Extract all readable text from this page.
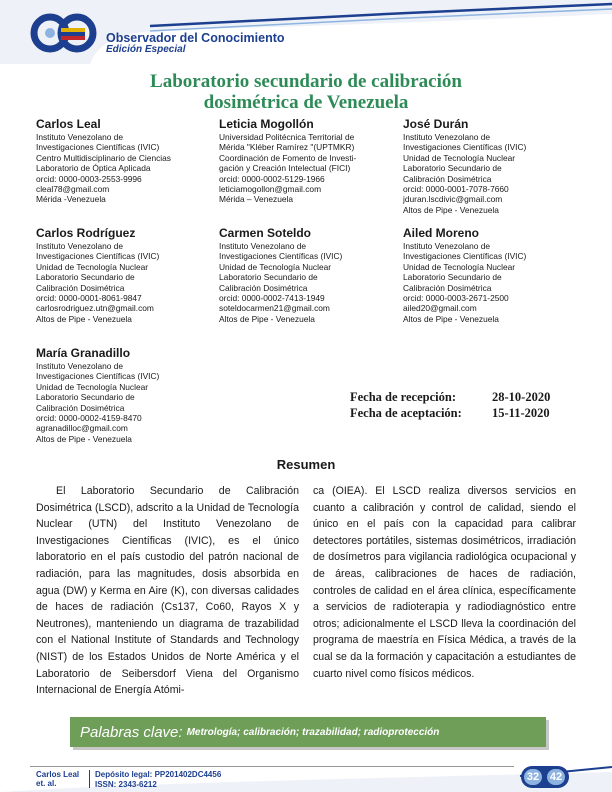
Observador del Conocimiento
Edición Especial
Laboratorio secundario de calibración
dosimétrica de Venezuela
Carlos Leal
Instituto Venezolano de
Investigaciones Científicas (IVIC)
Centro Multidisciplinario de Ciencias
Laboratorio de Óptica Aplicada
orcid: 0000-0003-2553-9996
cleal78@gmail.com
Mérida -Venezuela
Leticia Mogollón
Universidad Politécnica Territorial de
Mérida "Kléber Ramírez "(UPTMKR)
Coordinación de Fomento de Investi-
gación y Creación Intelectual (FICI)
orcid: 0000-0002-5129-1966
leticiamogollon@gmail.com
Mérida – Venezuela
José Durán
Instituto Venezolano de
Investigaciones Científicas (IVIC)
Unidad de Tecnología Nuclear
Laboratorio Secundario de
Calibración Dosimétrica
orcid: 0000-0001-7078-7660
jduran.lscdivic@gmail.com
Altos de Pipe - Venezuela
Carlos Rodríguez
Instituto Venezolano de
Investigaciones Científicas (IVIC)
Unidad de Tecnología Nuclear
Laboratorio Secundario de
Calibración Dosimétrica
orcid: 0000-0001-8061-9847
carlosrodriguez.utn@gmail.com
Altos de Pipe - Venezuela
Carmen Soteldo
Instituto Venezolano de
Investigaciones Científicas (IVIC)
Unidad de Tecnología Nuclear
Laboratorio Secundario de
Calibración Dosimétrica
orcid: 0000-0002-7413-1949
soteldocarmen21@gmail.com
Altos de Pipe - Venezuela
Ailed Moreno
Instituto Venezolano de
Investigaciones Científicas (IVIC)
Unidad de Tecnología Nuclear
Laboratorio Secundario de
Calibración Dosimétrica
orcid: 0000-0003-2671-2500
ailed20@gmail.com
Altos de Pipe - Venezuela
María Granadillo
Instituto Venezolano de
Investigaciones Científicas (IVIC)
Unidad de Tecnología Nuclear
Laboratorio Secundario de
Calibración Dosimétrica
orcid: 0000-0002-4159-8470
agranadilloc@gmail.com
Altos de Pipe - Venezuela
Fecha de recepción:	28-10-2020
Fecha de aceptación:	15-11-2020
Resumen
El Laboratorio Secundario de Calibración Dosimétrica (LSCD), adscrito a la Unidad de Tecnología Nuclear (UTN) del Instituto Venezolano de Investigaciones Científicas (IVIC), es el único laboratorio en el país custodio del patrón nacional de radiación, para las magnitudes, dosis absorbida en agua (DW) y Kerma en Aire (K), con diversas calidades de haces de radiación (Cs137, Co60, Rayos X y Neutrones), manteniendo un diagrama de trazabilidad con el National Institute of Standards and Technology (NIST) de los Estados Unidos de Norte América y el Laboratorio de Seibersdorf Viena del Organismo Internacional de Energía Atómi-
ca (OIEA). El LSCD realiza diversos servicios en cuanto a calibración y control de calidad, siendo el único en el país con la capacidad para calibrar detectores portátiles, sistemas dosimétricos, irradiación de dosímetros para vigilancia radiológica ocupacional y de áreas, calibraciones de haces de radiación, controles de calidad en el área clínica, específicamente a servicios de radioterapia y radiodiagnóstico entre otros; adicionalmente el LSCD lleva la coordinación del programa de maestría en Física Médica, a través de la cual se da la formación y capacitación a estudiantes de cuarto nivel como físicos médicos.
Palabras clave: Metrología; calibración; trazabilidad; radioprotección
Carlos Leal
et. al.
Depósito legal: PP201402DC4456
ISSN: 2343-6212
32 42
